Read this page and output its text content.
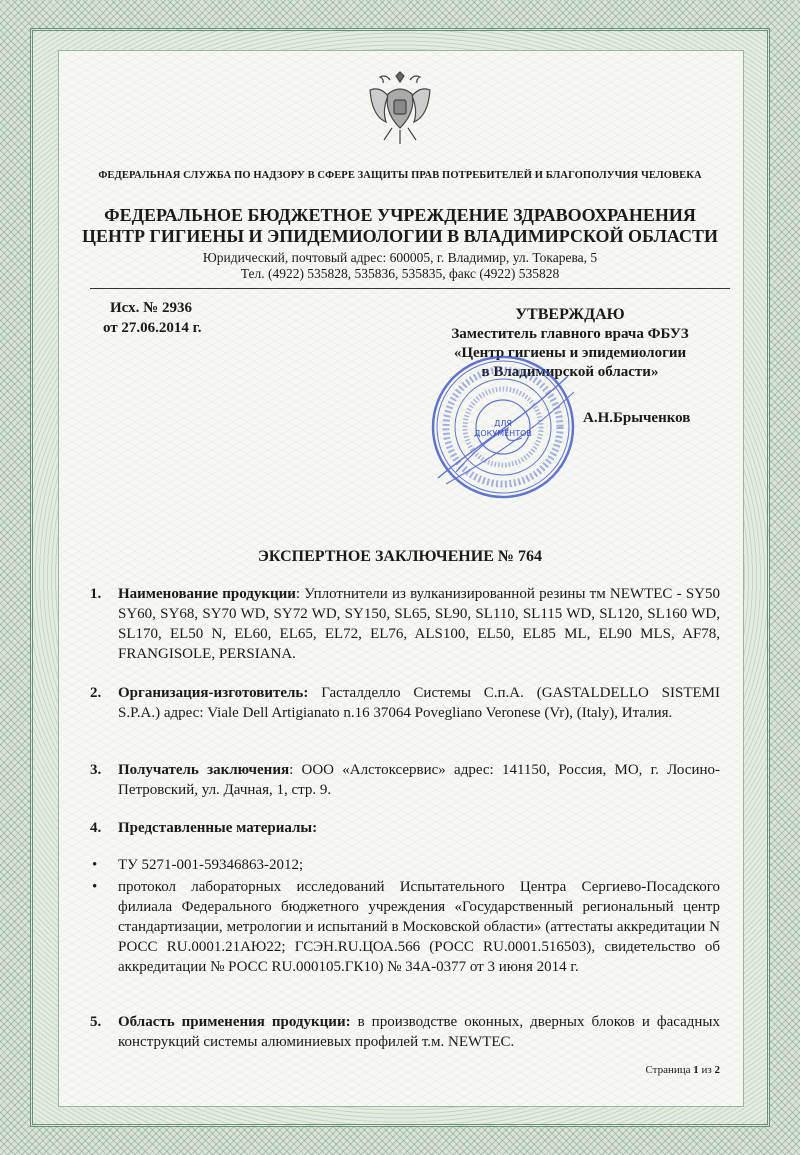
ФЕДЕРАЛЬНАЯ СЛУЖБА ПО НАДЗОРУ В СФЕРЕ ЗАЩИТЫ ПРАВ ПОТРЕБИТЕЛЕЙ И БЛАГОПОЛУЧИЯ ЧЕЛОВЕКА
ФЕДЕРАЛЬНОЕ БЮДЖЕТНОЕ УЧРЕЖДЕНИЕ ЗДРАВООХРАНЕНИЯ
ЦЕНТР ГИГИЕНЫ И ЭПИДЕМИОЛОГИИ В ВЛАДИМИРСКОЙ ОБЛАСТИ
Юридический, почтовый адрес: 600005, г. Владимир, ул. Токарева, 5
Тел. (4922) 535828, 535836, 535835, факс (4922) 535828
Исх. № 2936
от 27.06.2014 г.
УТВЕРЖДАЮ
Заместитель главного врача ФБУЗ
«Центр гигиены и эпидемиологии
в Владимирской области»
А.Н.Брыченков
ДЛЯ
ДОКУМЕНТОВ
ЭКСПЕРТНОЕ ЗАКЛЮЧЕНИЕ № 764
1. Наименование продукции: Уплотнители из вулканизированной резины тм NEWTEC - SY50 SY60, SY68, SY70 WD, SY72 WD, SY150, SL65, SL90, SL110, SL115 WD, SL120, SL160 WD, SL170, EL50 N, EL60, EL65, EL72, EL76, ALS100, EL50, EL85 ML, EL90 MLS, AF78, FRANGISOLE, PERSIANA.
2. Организация-изготовитель: Гасталделло Системы С.п.А. (GASTALDELLO SISTEMI S.P.A.) адрес: Viale Dell Artigianato n.16 37064 Povegliano Veronese (Vr), (Italy), Италия.
3. Получатель заключения: ООО «Алстоксервис» адрес: 141150, Россия, МО, г. Лосино-Петровский, ул. Дачная, 1, стр. 9.
4. Представленные материалы:
• ТУ 5271-001-59346863-2012;
• протокол лабораторных исследований Испытательного Центра Сергиево-Посадского филиала Федерального бюджетного учреждения «Государственный региональный центр стандартизации, метрологии и испытаний в Московской области» (аттестаты аккредитации N РОСС RU.0001.21АЮ22; ГСЭН.RU.ЦОА.566 (РОСС RU.0001.516503), свидетельство об аккредитации № РОСС RU.000105.ГК10) № 34А-0377 от 3 июня 2014 г.
5. Область применения продукции: в производстве оконных, дверных блоков и фасадных конструкций системы алюминиевых профилей т.м. NEWTEC.
Страница 1 из 2
